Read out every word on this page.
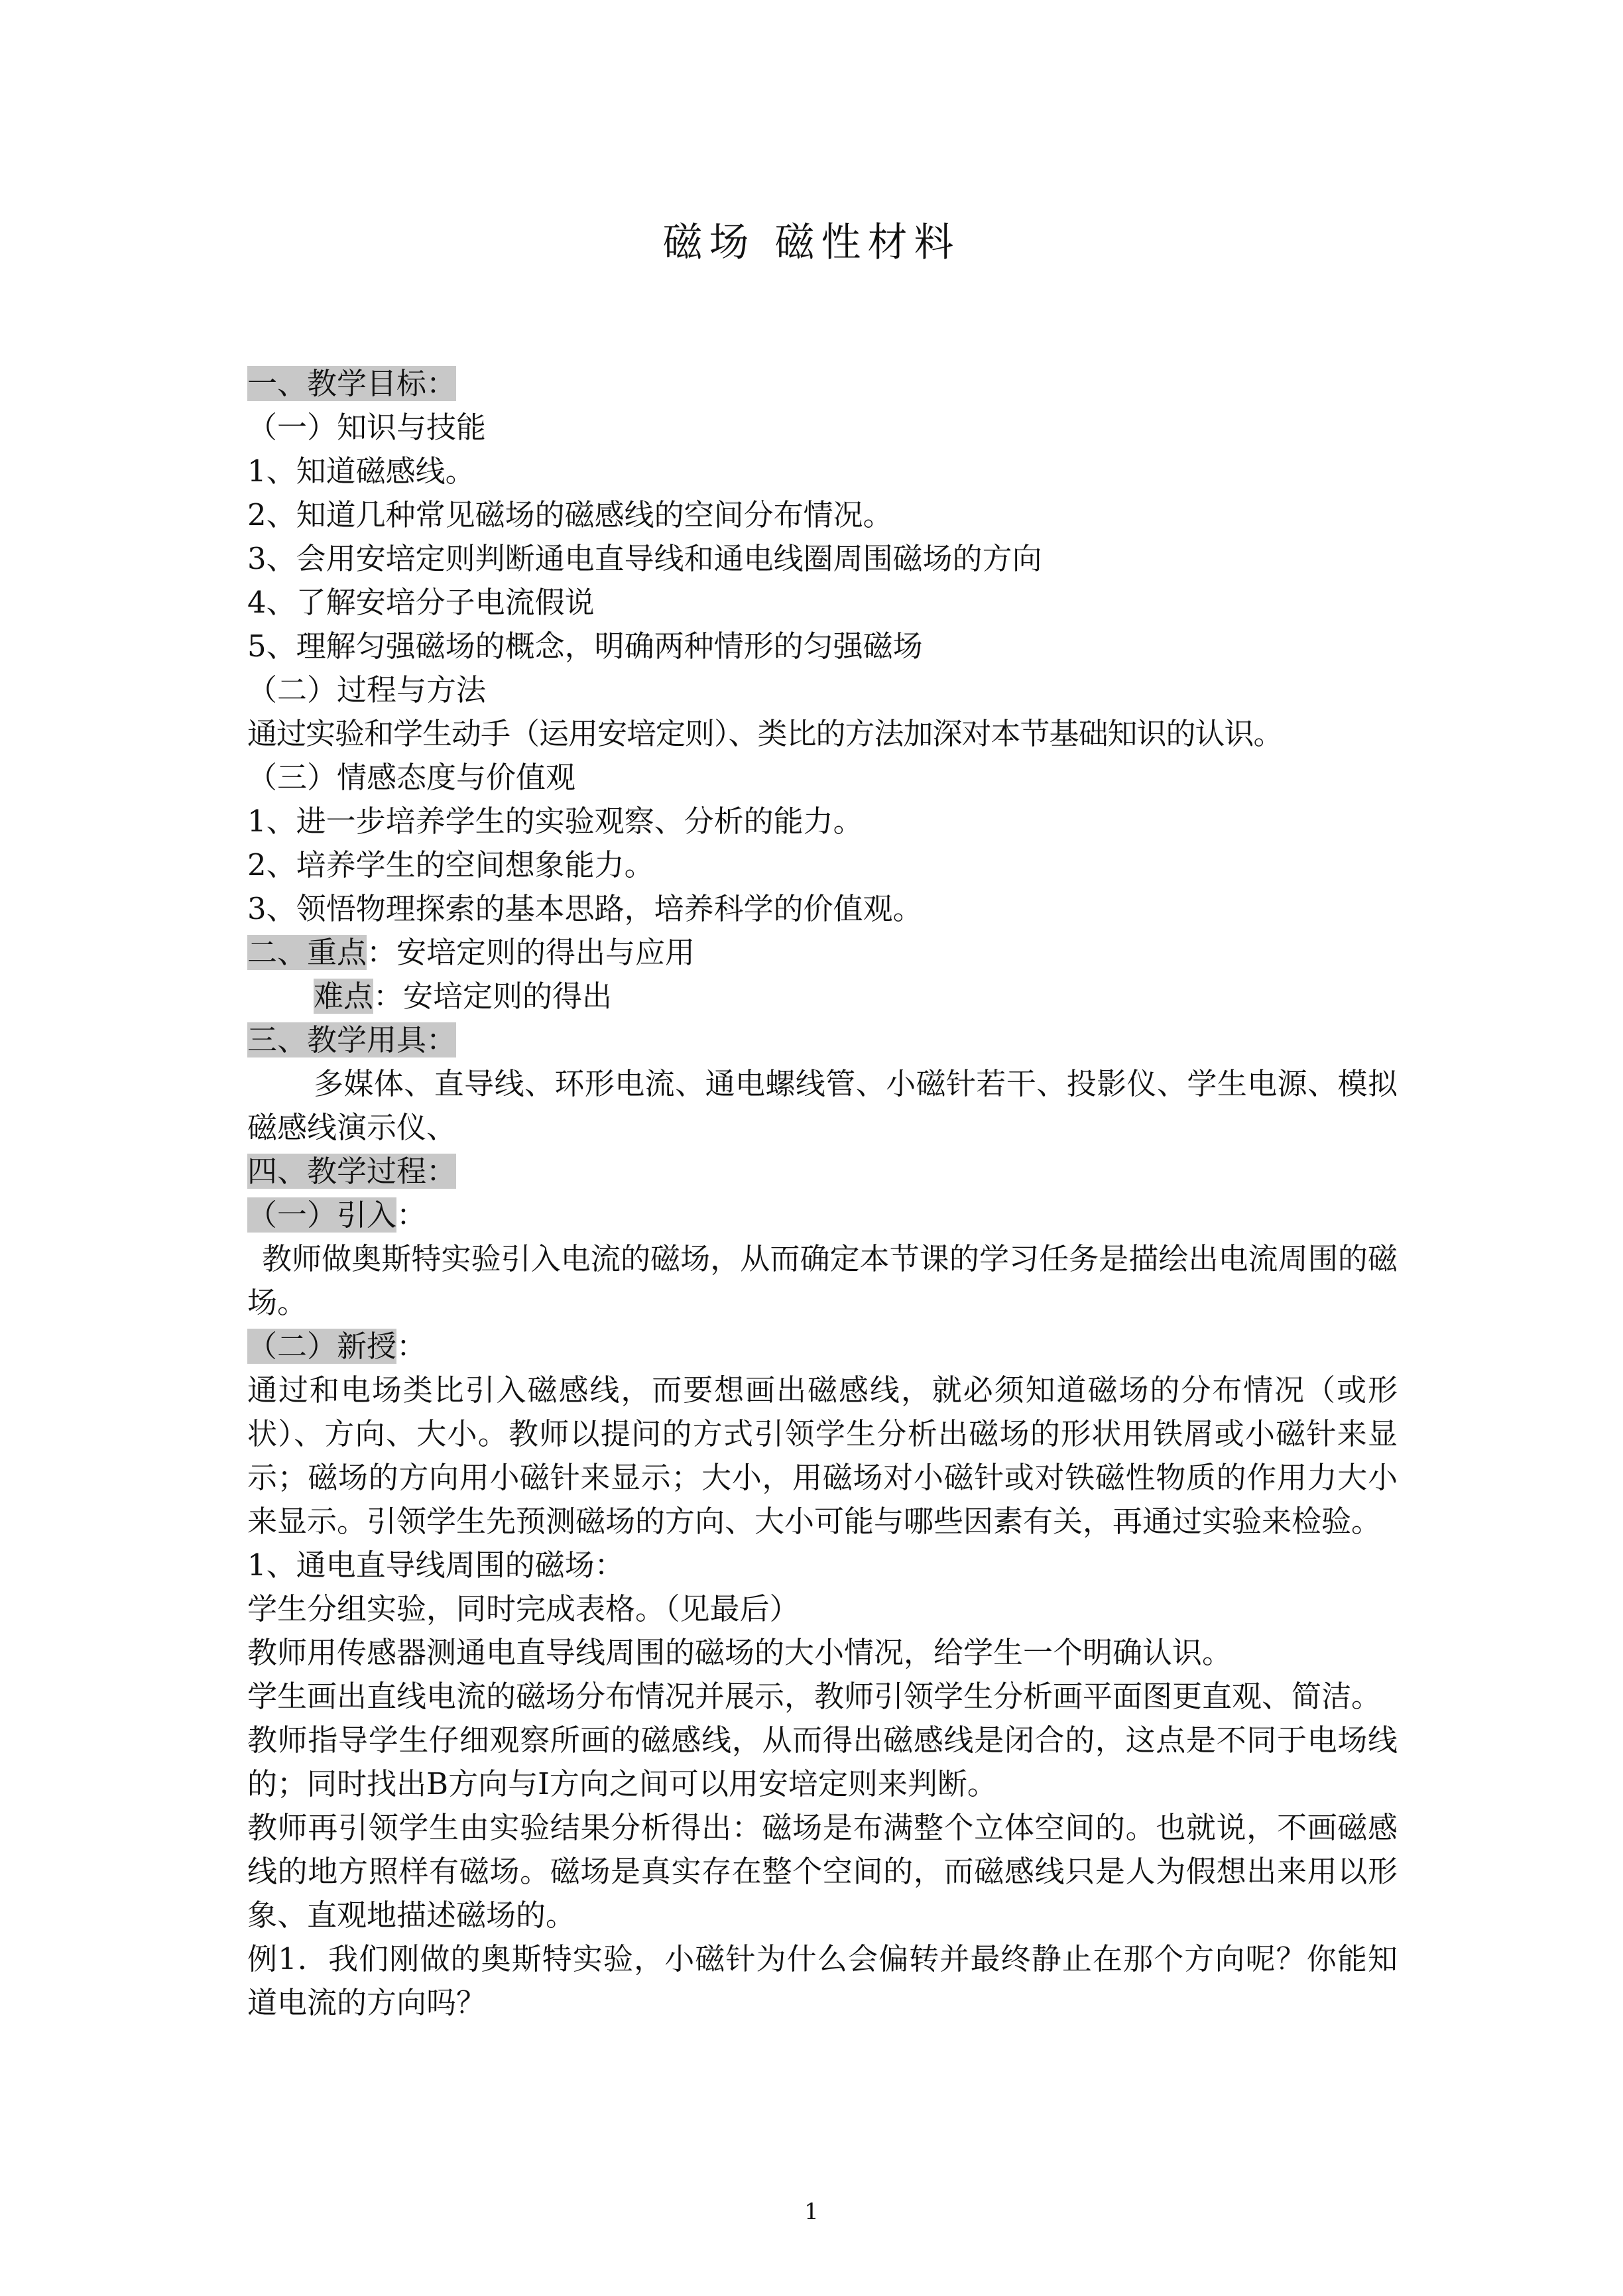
磁场 磁性材料

一、教学目标：

（一）知识与技能

1、知道磁感线。

2、知道几种常见磁场的磁感线的空间分布情况。

3、会用安培定则判断通电直导线和通电线圈周围磁场的方向

4、了解安培分子电流假说

5、理解匀强磁场的概念，明确两种情形的匀强磁场

（二）过程与方法

通过实验和学生动手（运用安培定则）、类比的方法加深对本节基础知识的认识。

（三）情感态度与价值观

1、进一步培养学生的实验观察、分析的能力。

2、培养学生的空间想象能力。

3、领悟物理探索的基本思路，培养科学的价值观。

二、重点：安培定则的得出与应用

难点：安培定则的得出

三、教学用具：

多媒体、直导线、环形电流、通电螺线管、小磁针若干、投影仪、学生电源、模拟磁感线演示仪、

四、教学过程：

（一）引入：

教师做奥斯特实验引入电流的磁场，从而确定本节课的学习任务是描绘出电流周围的磁场。

（二）新授：

通过和电场类比引入磁感线，而要想画出磁感线，就必须知道磁场的分布情况（或形状）、方向、大小。教师以提问的方式引领学生分析出磁场的形状用铁屑或小磁针来显示；磁场的方向用小磁针来显示；大小，用磁场对小磁针或对铁磁性物质的作用力大小来显示。引领学生先预测磁场的方向、大小可能与哪些因素有关，再通过实验来检验。

1、通电直导线周围的磁场：

学生分组实验，同时完成表格。（见最后）

教师用传感器测通电直导线周围的磁场的大小情况，给学生一个明确认识。

学生画出直线电流的磁场分布情况并展示，教师引领学生分析画平面图更直观、简洁。

教师指导学生仔细观察所画的磁感线，从而得出磁感线是闭合的，这点是不同于电场线的；同时找出B方向与I方向之间可以用安培定则来判断。

教师再引领学生由实验结果分析得出：磁场是布满整个立体空间的。也就说，不画磁感线的地方照样有磁场。磁场是真实存在整个空间的，而磁感线只是人为假想出来用以形象、直观地描述磁场的。

例1．我们刚做的奥斯特实验，小磁针为什么会偏转并最终静止在那个方向呢？你能知道电流的方向吗？

1
